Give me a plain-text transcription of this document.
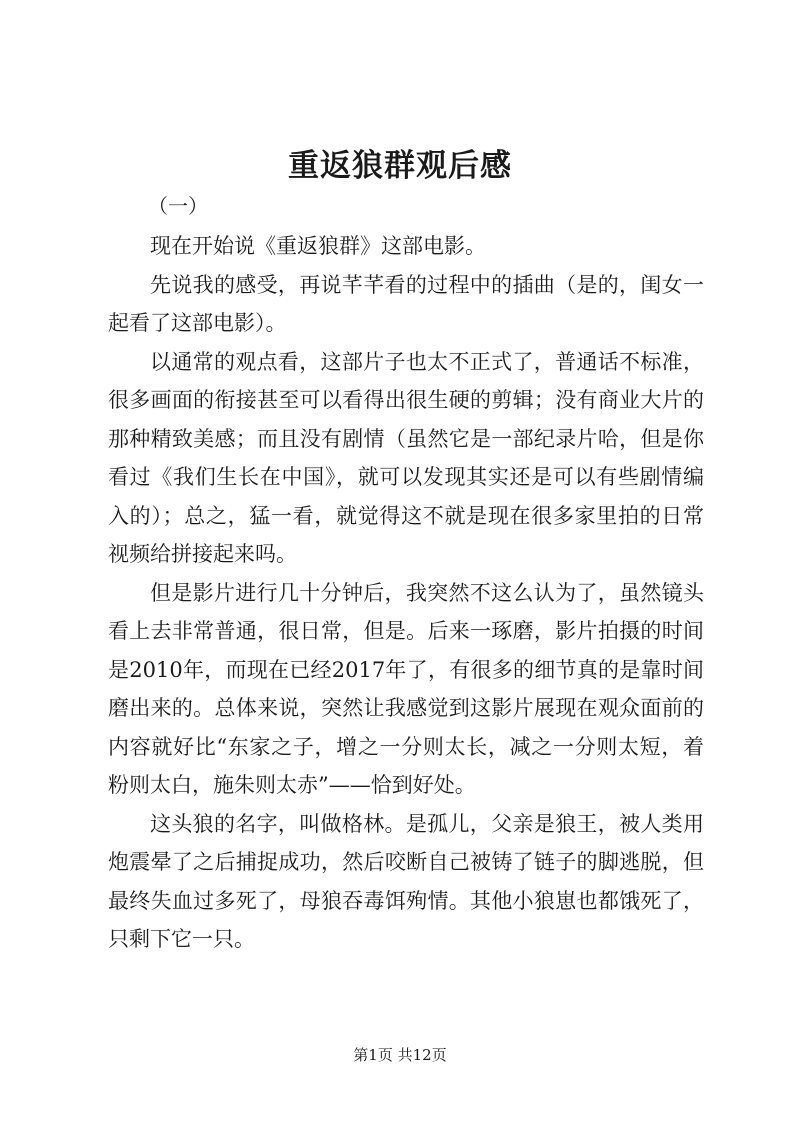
重返狼群观后感
（一）

现在开始说《重返狼群》这部电影。

先说我的感受，再说芊芊看的过程中的插曲（是的，闺女一起看了这部电影）。

以通常的观点看，这部片子也太不正式了，普通话不标准，很多画面的衔接甚至可以看得出很生硬的剪辑；没有商业大片的那种精致美感；而且没有剧情（虽然它是一部纪录片哈，但是你看过《我们生长在中国》，就可以发现其实还是可以有些剧情编入的）；总之，猛一看，就觉得这不就是现在很多家里拍的日常视频给拼接起来吗。

但是影片进行几十分钟后，我突然不这么认为了，虽然镜头看上去非常普通，很日常，但是。后来一琢磨，影片拍摄的时间是2010年，而现在已经2017年了，有很多的细节真的是靠时间磨出来的。总体来说，突然让我感觉到这影片展现在观众面前的内容就好比“东家之子，增之一分则太长，减之一分则太短，着粉则太白，施朱则太赤”——恰到好处。

这头狼的名字，叫做格林。是孤儿，父亲是狼王，被人类用炮震晕了之后捕捉成功，然后咬断自己被铸了链子的脚逃脱，但最终失血过多死了，母狼吞毒饵殉情。其他小狼崽也都饿死了，只剩下它一只。

第1页 共12页
